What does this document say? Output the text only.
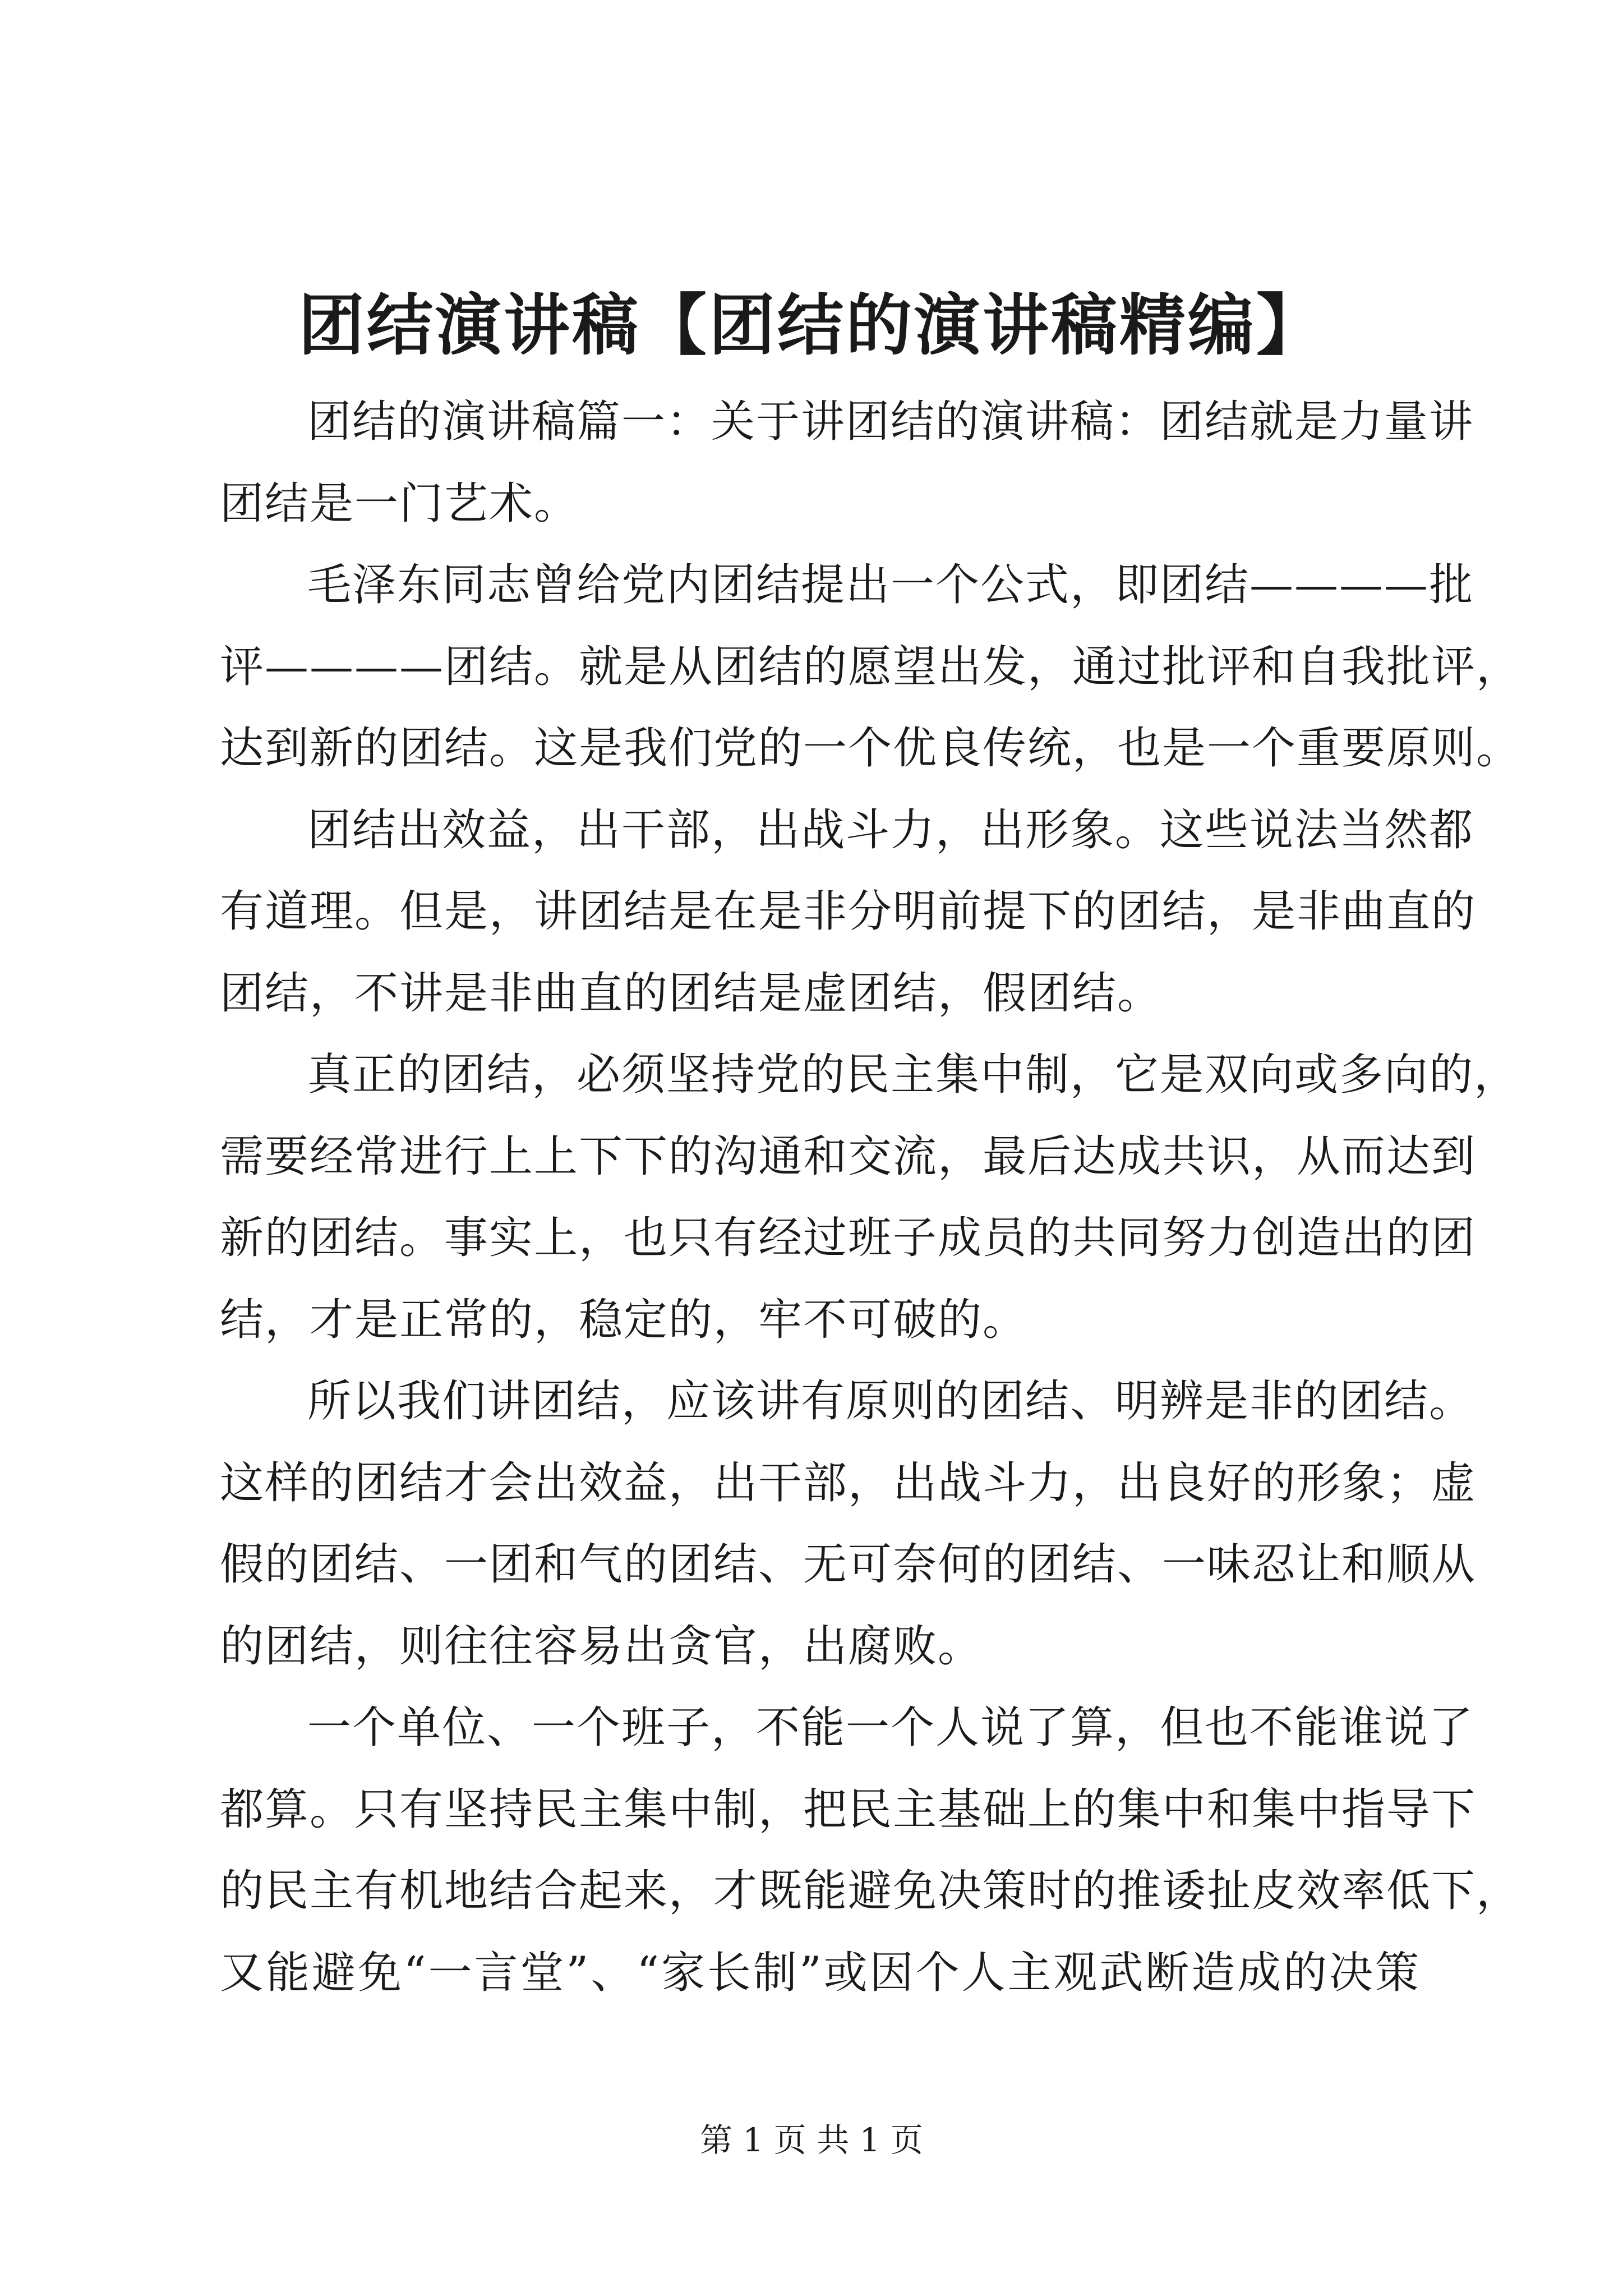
团结演讲稿【团结的演讲稿精编】
团结的演讲稿篇一：关于讲团结的演讲稿：团结就是力量讲
团结是一门艺术。
毛泽东同志曾给党内团结提出一个公式，即团结————批
评————团结。就是从团结的愿望出发，通过批评和自我批评，
达到新的团结。这是我们党的一个优良传统，也是一个重要原则。
团结出效益，出干部，出战斗力，出形象。这些说法当然都
有道理。但是，讲团结是在是非分明前提下的团结，是非曲直的
团结，不讲是非曲直的团结是虚团结，假团结。
真正的团结，必须坚持党的民主集中制，它是双向或多向的，
需要经常进行上上下下的沟通和交流，最后达成共识，从而达到
新的团结。事实上，也只有经过班子成员的共同努力创造出的团
结，才是正常的，稳定的，牢不可破的。
所以我们讲团结，应该讲有原则的团结、明辨是非的团结。
这样的团结才会出效益，出干部，出战斗力，出良好的形象；虚
假的团结、一团和气的团结、无可奈何的团结、一味忍让和顺从
的团结，则往往容易出贪官，出腐败。
一个单位、一个班子，不能一个人说了算，但也不能谁说了
都算。只有坚持民主集中制，把民主基础上的集中和集中指导下
的民主有机地结合起来，才既能避免决策时的推诿扯皮效率低下，
又能避免“一言堂”、“家长制”或因个人主观武断造成的决策
第 1 页 共 1 页
